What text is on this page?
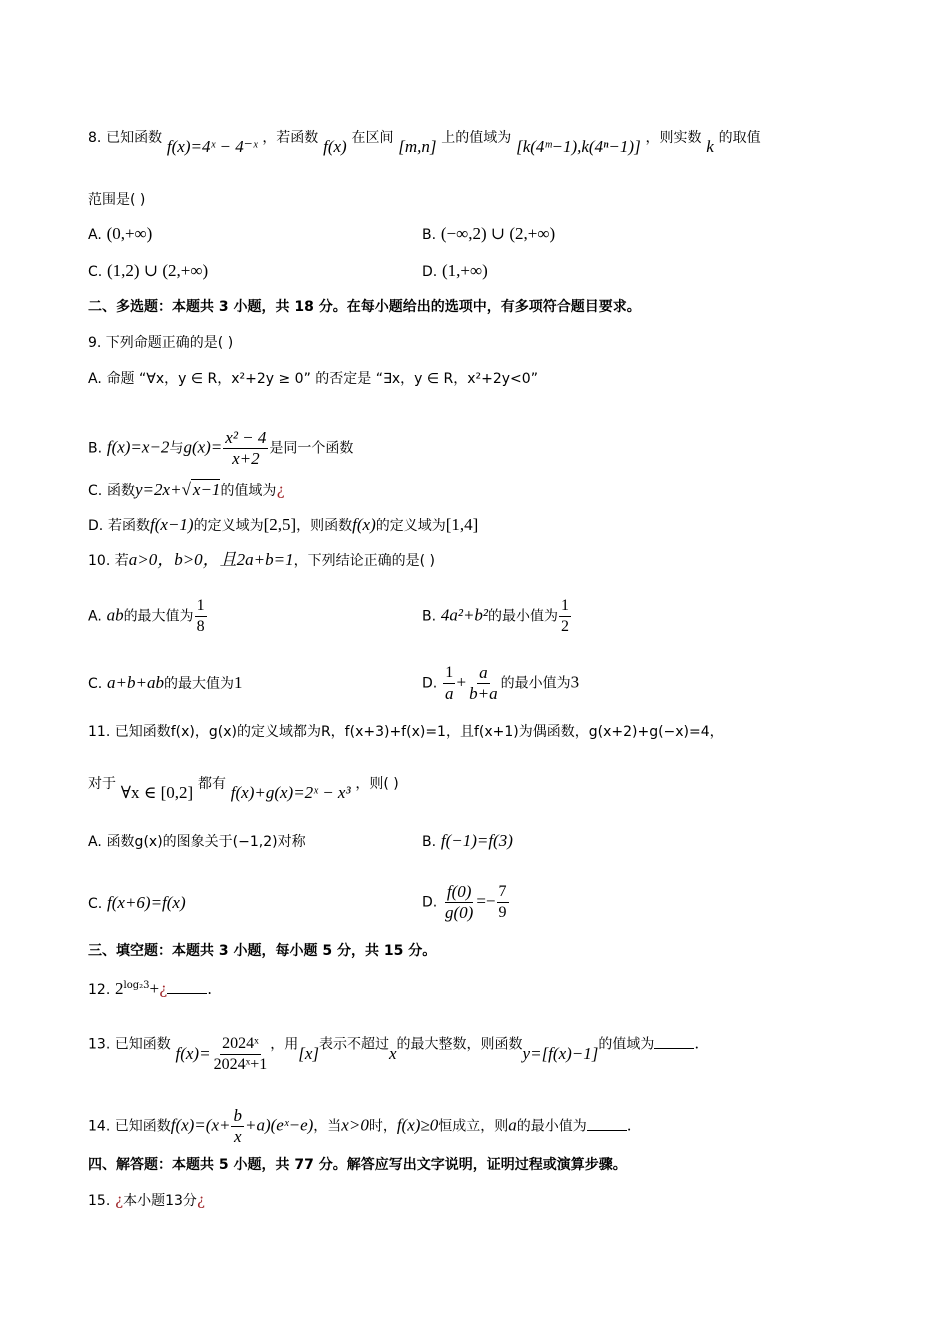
8. 已知函数 f(x)=4ˣ − 4⁻ˣ ，若函数 f(x) 在区间 [m,n] 上的值域为 [k(4ᵐ−1),k(4ⁿ−1)] ，则实数 k 的取值
范围是( )
A. (0,+∞)	B. (−∞,2) ∪ (2,+∞)
C. (1,2) ∪ (2,+∞)	D. (1,+∞)
二、多选题：本题共 3 小题，共 18 分。在每小题给出的选项中，有多项符合题目要求。
9. 下列命题正确的是( )
A. 命题 “∀x，y ∈ R，x²+2y ≥ 0” 的否定是 “∃x，y ∈ R，x²+2y<0”
B. f(x)=x−2与$g(x)= \frac{\text{x² − 4}}{x+2}$ 是同一个函数
C. 函数y=2x+√ x−1的值域为¿
D. 若函数f(x−1)的定义域为[2,5]，则函数f(x)的定义域为[1,4]
10. 若a>0，b>0，且2a+b=1，下列结论正确的是( )
A. ab的最大值为 $\frac{1}{8}$	B. 4a²+b²的最小值为 $\frac{1}{2}$
C. a+b+ab的最大值为1	D. $\frac{1}{a} + \frac{a}{b+a}$ 的最小值为3
11. 已知函数f(x)，g(x)的定义域都为R，f(x+3)+f(x)=1，且f(x+1)为偶函数，g(x+2)+g(−x)=4，
对于 ∀x ∈ [0,2] 都有 f(x)+g(x)=2ˣ − x³ ，则( )
A. 函数g(x)的图象关于(−1,2)对称	B. f(−1)=f(3)
C. f(x+6)=f(x)	D. $\frac{f(0)}{g(0)} =- \frac{7}{9}$
三、填空题：本题共 3 小题，每小题 5 分，共 15 分。
12. $2^{log_23}+¿$	.
13. 已知函数 $f(x)= \frac{\text{2024ˣ}}{\text{2024ˣ+1}}$ ，用[x]表示不超过x的最大整数，则函数y=[f(x)−1]的值域为	.
14. 已知函数$f(x)=(x+ \frac{b}{x}$ +a)(eˣ−e)，当x>0时，f(x)≥0恒成立，则a的最小值为	.
四、解答题：本题共 5 小题，共 77 分。解答应写出文字说明，证明过程或演算步骤。
15. ¿本小题13分¿
